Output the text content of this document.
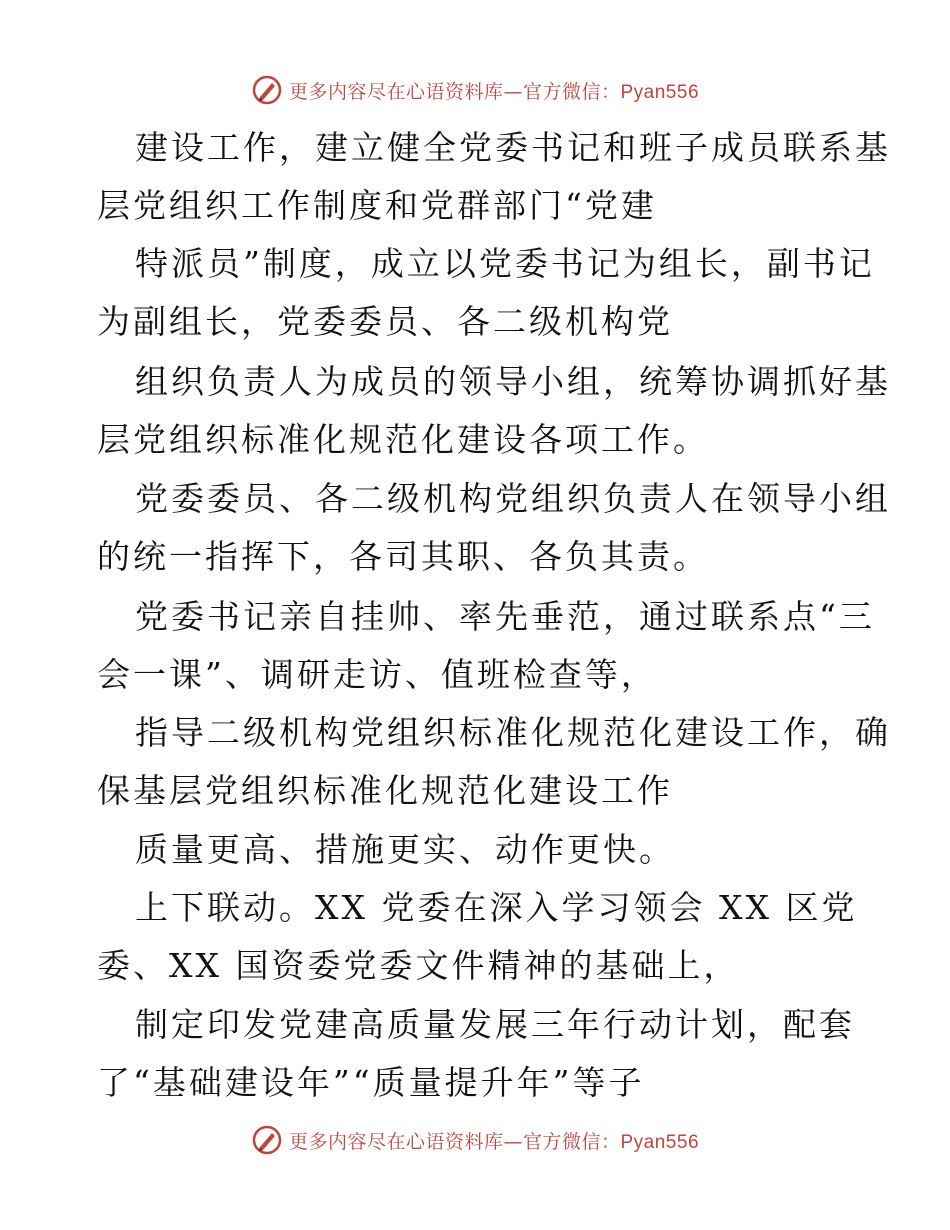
更多内容尽在心语资料库—官方微信：Pyan556
建设工作，建立健全党委书记和班子成员联系基
层党组织工作制度和党群部门“党建
特派员”制度，成立以党委书记为组长，副书记
为副组长，党委委员、各二级机构党
组织负责人为成员的领导小组，统筹协调抓好基
层党组织标准化规范化建设各项工作。
党委委员、各二级机构党组织负责人在领导小组
的统一指挥下，各司其职、各负其责。
党委书记亲自挂帅、率先垂范，通过联系点“三
会一课”、调研走访、值班检查等，
指导二级机构党组织标准化规范化建设工作，确
保基层党组织标准化规范化建设工作
质量更高、措施更实、动作更快。
上下联动。XX 党委在深入学习领会 XX 区党
委、XX 国资委党委文件精神的基础上，
制定印发党建高质量发展三年行动计划，配套
了“基础建设年”“质量提升年”等子
更多内容尽在心语资料库—官方微信：Pyan556
